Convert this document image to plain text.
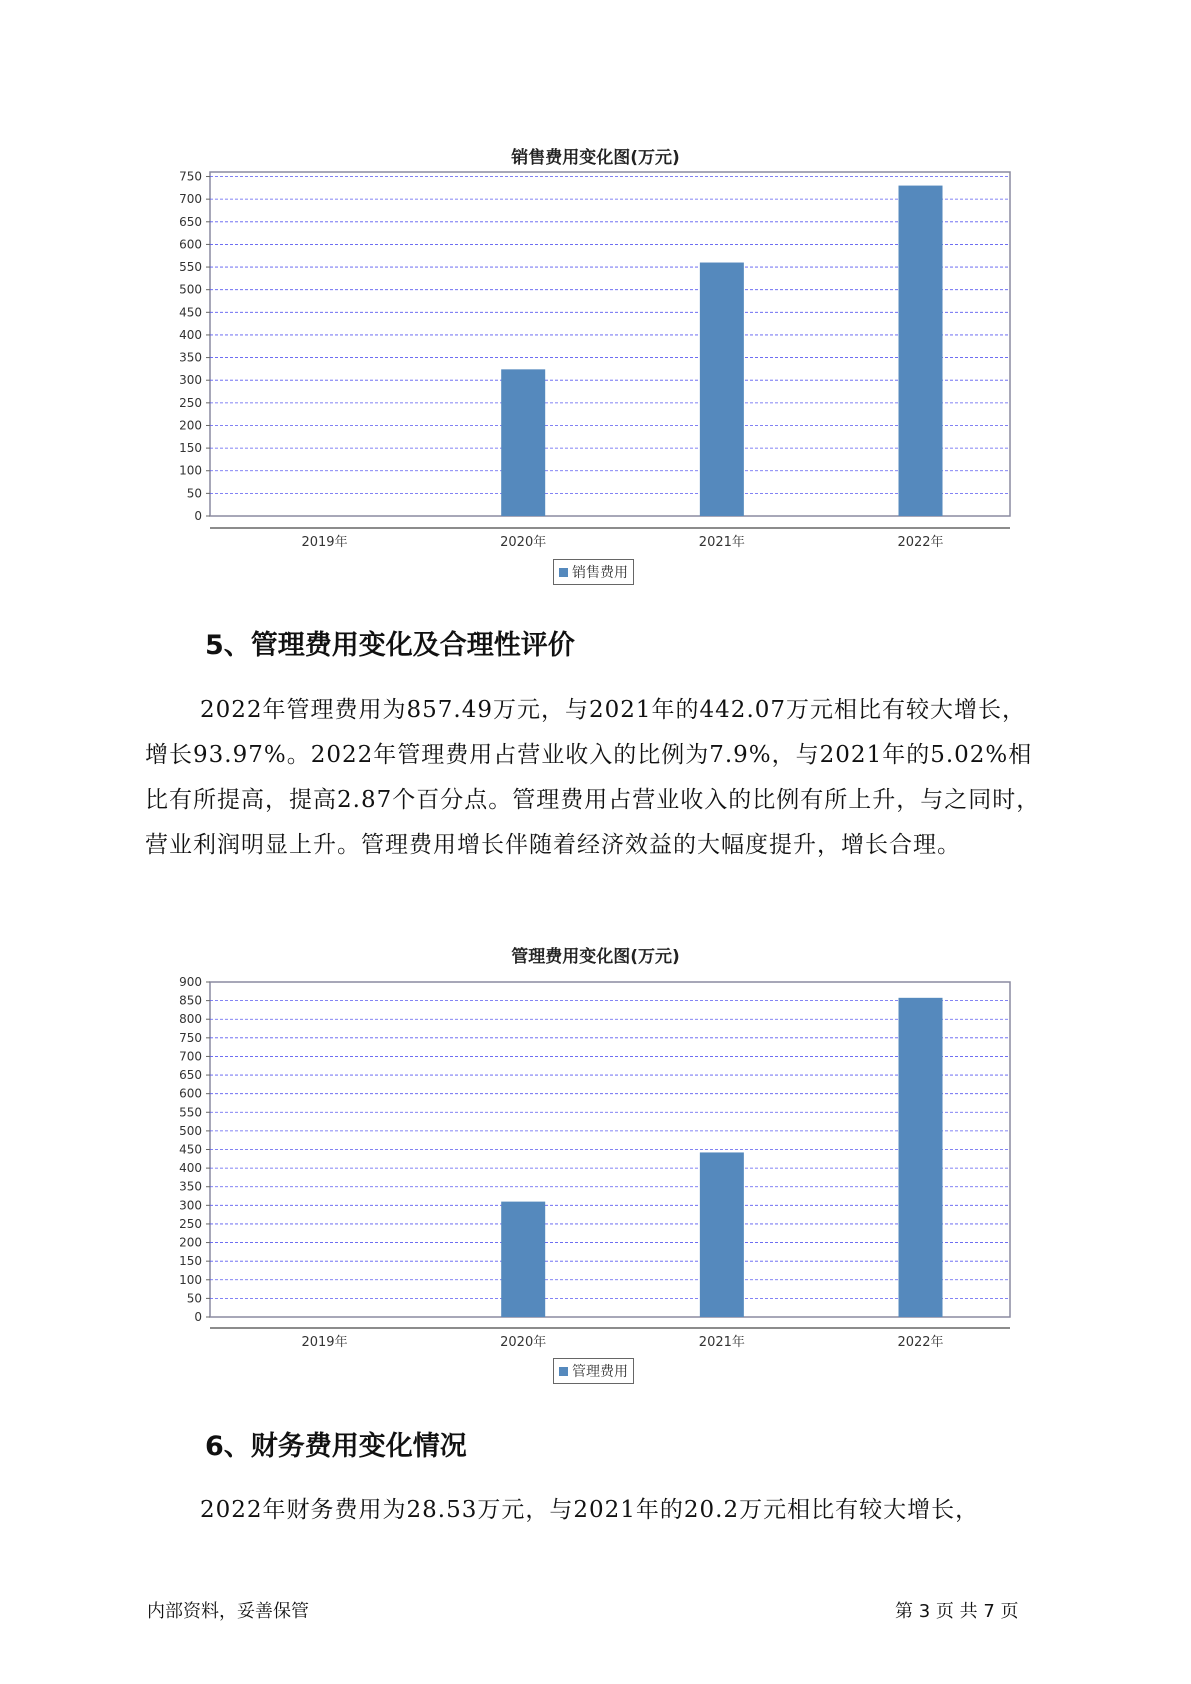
销售费用变化图(万元)
0
50
100
150
200
250
300
350
400
450
500
550
600
650
700
750
2019年	2020年	2021年	2022年
销售费用
5、管理费用变化及合理性评价

2022年管理费用为857.49万元，与2021年的442.07万元相比有较大增长，增长93.97%。2022年管理费用占营业收入的比例为7.9%，与2021年的5.02%相比有所提高，提高2.87个百分点。管理费用占营业收入的比例有所上升，与之同时，营业利润明显上升。管理费用增长伴随着经济效益的大幅度提升，增长合理。

管理费用变化图(万元)
0
50
100
150
200
250
300
350
400
450
500
550
600
650
700
750
800
850
900
2019年	2020年	2021年	2022年
管理费用
6、财务费用变化情况

2022年财务费用为28.53万元，与2021年的20.2万元相比有较大增长，

内部资料，妥善保管	第 3 页 共 7 页
